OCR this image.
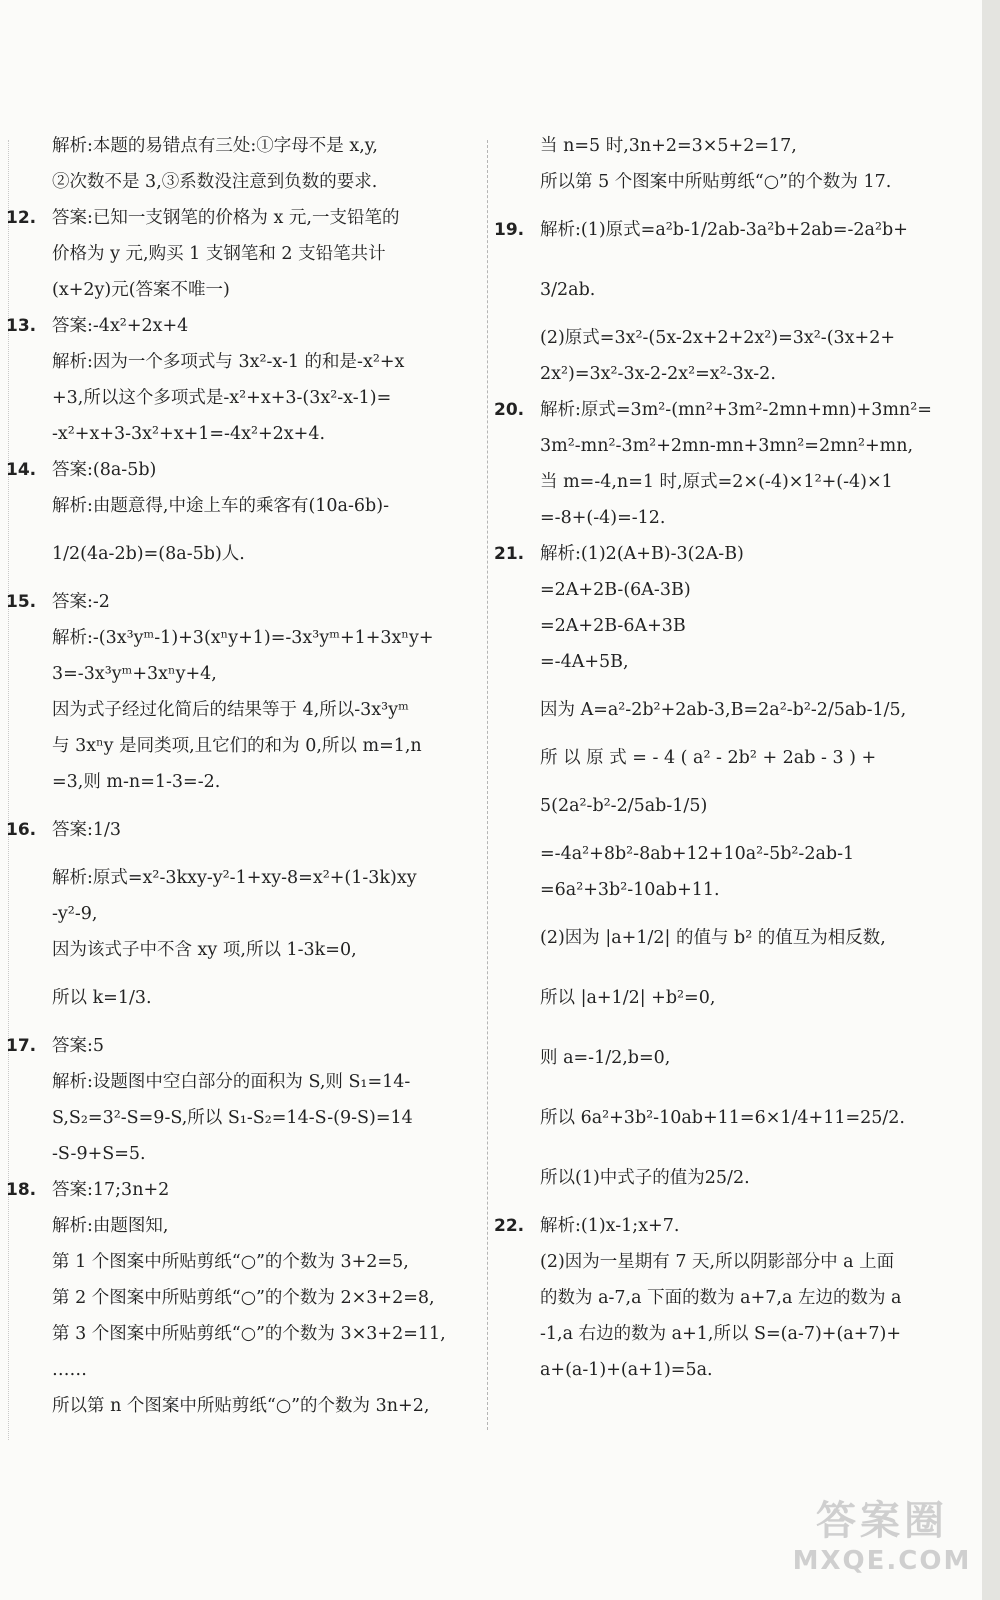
解析:本题的易错点有三处:①字母不是 x,y,
②次数不是 3,③系数没注意到负数的要求.
12. 答案:已知一支钢笔的价格为 x 元,一支铅笔的
价格为 y 元,购买 1 支钢笔和 2 支铅笔共计
(x+2y)元(答案不唯一)
13. 答案:-4x²+2x+4
解析:因为一个多项式与 3x²-x-1 的和是-x²+x
+3,所以这个多项式是-x²+x+3-(3x²-x-1)=
-x²+x+3-3x²+x+1=-4x²+2x+4.
14. 答案:(8a-5b)
解析:由题意得,中途上车的乘客有(10a-6b)-
1/2(4a-2b)=(8a-5b)人.
15. 答案:-2
解析:-(3x³yᵐ-1)+3(xⁿy+1)=-3x³yᵐ+1+3xⁿy+
3=-3x³yᵐ+3xⁿy+4,
因为式子经过化简后的结果等于 4,所以-3x³yᵐ
与 3xⁿy 是同类项,且它们的和为 0,所以 m=1,n
=3,则 m-n=1-3=-2.
16. 答案:1/3
解析:原式=x²-3kxy-y²-1+xy-8=x²+(1-3k)xy
-y²-9,
因为该式子中不含 xy 项,所以 1-3k=0,
所以 k=1/3.
17. 答案:5
解析:设题图中空白部分的面积为 S,则 S₁=14-
S,S₂=3²-S=9-S,所以 S₁-S₂=14-S-(9-S)=14
-S-9+S=5.
18. 答案:17;3n+2
解析:由题图知,
第 1 个图案中所贴剪纸“○”的个数为 3+2=5,
第 2 个图案中所贴剪纸“○”的个数为 2×3+2=8,
第 3 个图案中所贴剪纸“○”的个数为 3×3+2=11,
……
所以第 n 个图案中所贴剪纸“○”的个数为 3n+2,
当 n=5 时,3n+2=3×5+2=17,
所以第 5 个图案中所贴剪纸“○”的个数为 17.
19. 解析:(1)原式=a²b-1/2ab-3a²b+2ab=-2a²b+
3/2ab.
(2)原式=3x²-(5x-2x+2+2x²)=3x²-(3x+2+
2x²)=3x²-3x-2-2x²=x²-3x-2.
20. 解析:原式=3m²-(mn²+3m²-2mn+mn)+3mn²=
3m²-mn²-3m²+2mn-mn+3mn²=2mn²+mn,
当 m=-4,n=1 时,原式=2×(-4)×1²+(-4)×1
=-8+(-4)=-12.
21. 解析:(1)2(A+B)-3(2A-B)
=2A+2B-(6A-3B)
=2A+2B-6A+3B
=-4A+5B,
因为 A=a²-2b²+2ab-3,B=2a²-b²-2/5ab-1/5,
所 以 原 式 = - 4 ( a² - 2b² + 2ab - 3 ) +
5(2a²-b²-2/5ab-1/5)
=-4a²+8b²-8ab+12+10a²-5b²-2ab-1
=6a²+3b²-10ab+11.
(2)因为 |a+1/2| 的值与 b² 的值互为相反数,
所以 |a+1/2| +b²=0,
则 a=-1/2,b=0,
所以 6a²+3b²-10ab+11=6×1/4+11=25/2.
所以(1)中式子的值为25/2.
22. 解析:(1)x-1;x+7.
(2)因为一星期有 7 天,所以阴影部分中 a 上面
的数为 a-7,a 下面的数为 a+7,a 左边的数为 a
-1,a 右边的数为 a+1,所以 S=(a-7)+(a+7)+
a+(a-1)+(a+1)=5a.
答案圈
MXQE.COM
